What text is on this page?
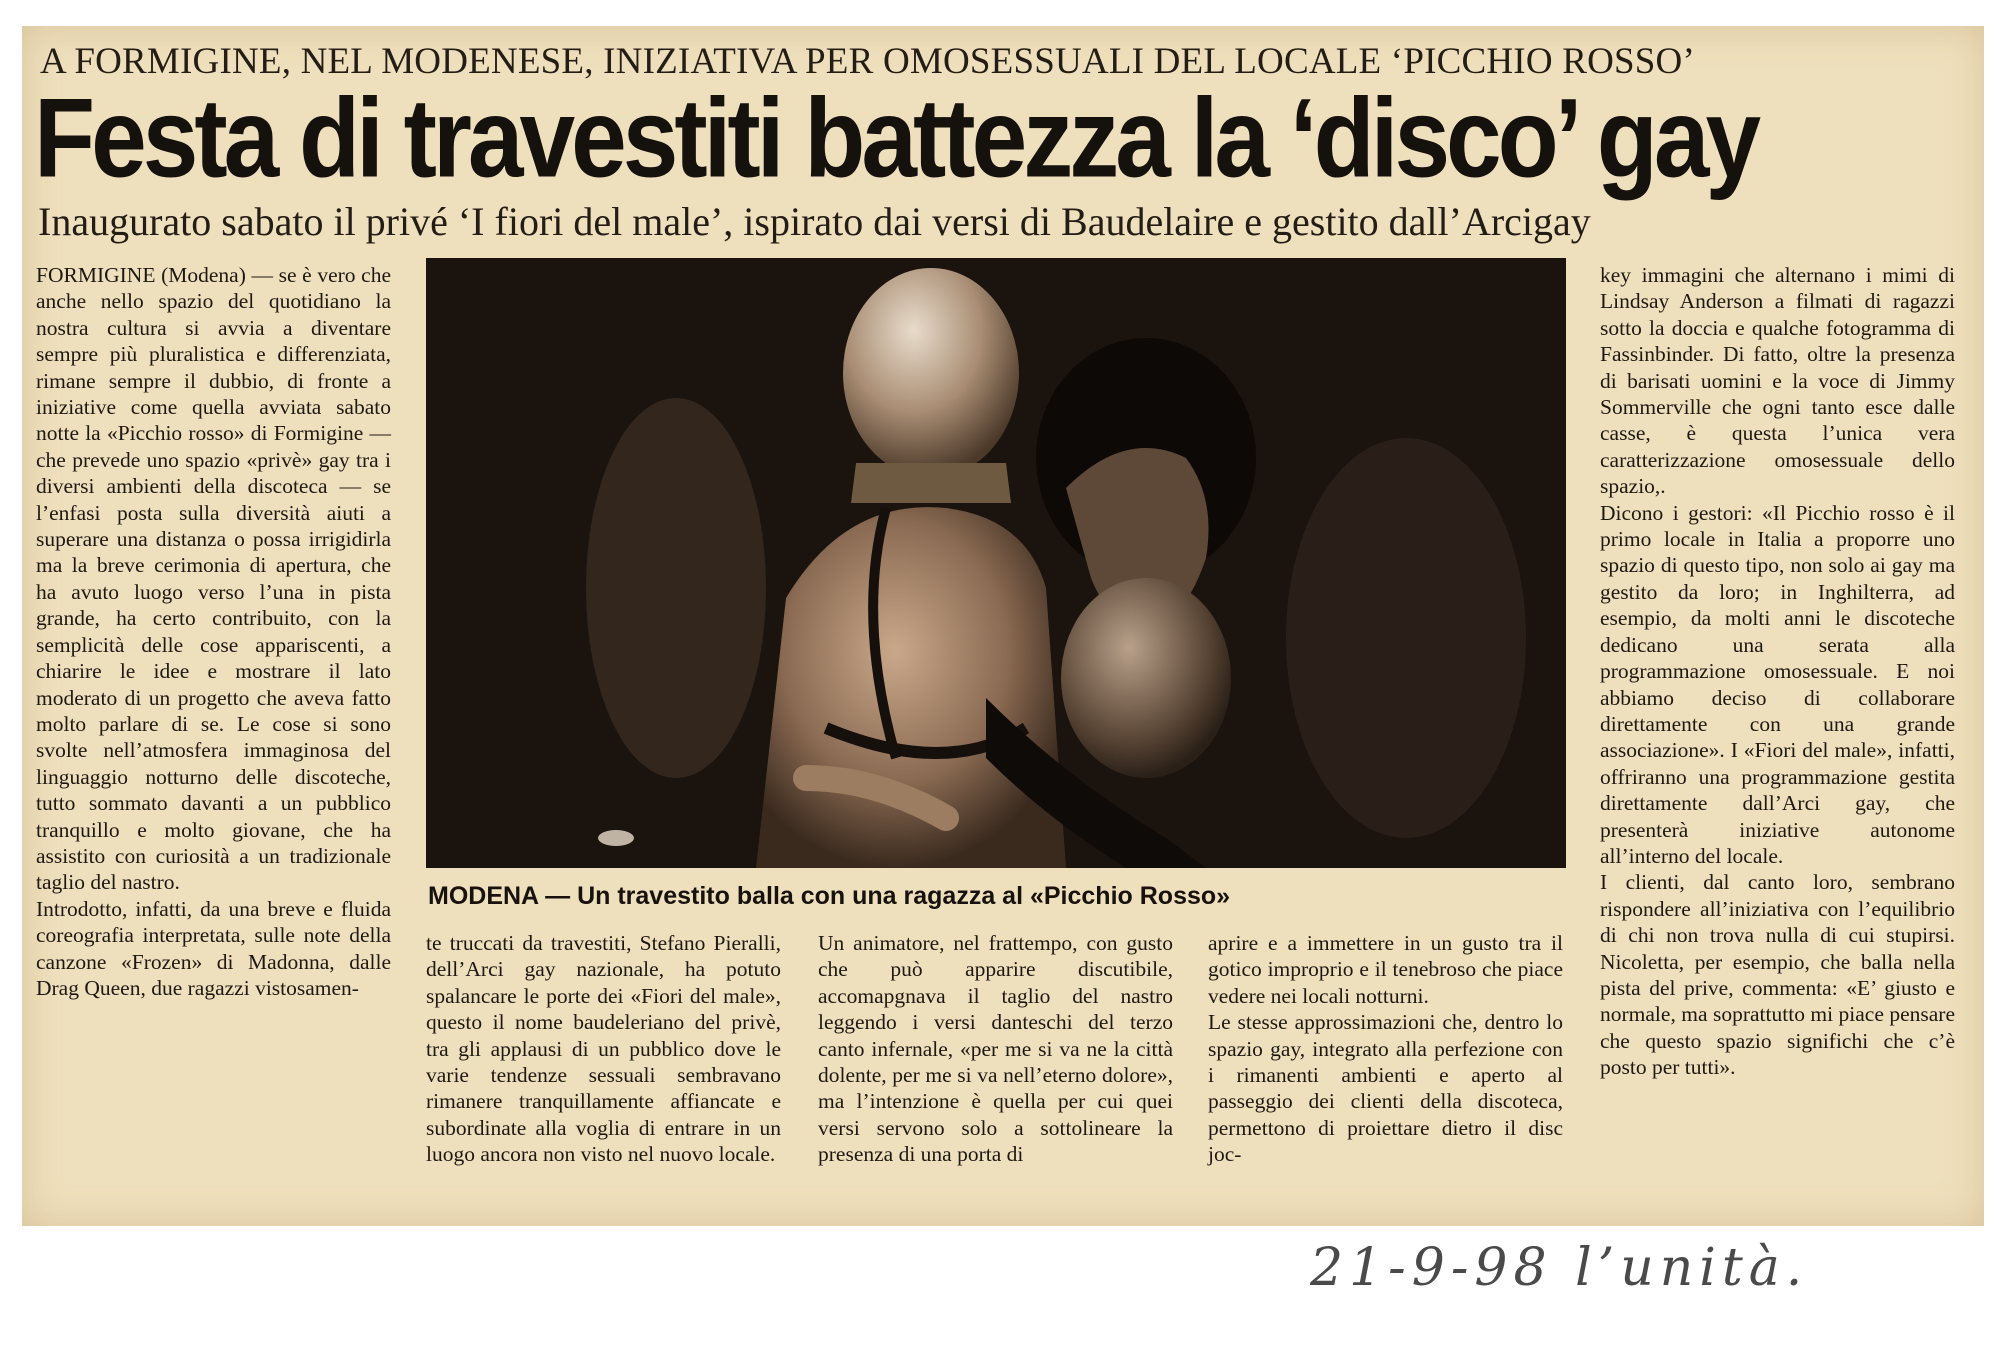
A FORMIGINE, NEL MODENESE, INIZIATIVA PER OMOSESSUALI DEL LOCALE ‘PICCHIO ROSSO’
Festa di travestiti battezza la ‘disco’ gay
Inaugurato sabato il privé ‘I fiori del male’, ispirato dai versi di Baudelaire e gestito dall’Arcigay

FORMIGINE (Modena) — se è vero che anche nello spazio del quotidiano la nostra cultura si avvia a diventare sempre più pluralistica e differenziata, rimane sempre il dubbio, di fronte a iniziative come quella avviata sabato notte la «Picchio rosso» di Formigine — che prevede uno spazio «privè» gay tra i diversi ambienti della discoteca — se l’enfasi posta sulla diversità aiuti a superare una distanza o possa irrigidirla ma la breve cerimonia di apertura, che ha avuto luogo verso l’una in pista grande, ha certo contribuito, con la semplicità delle cose appariscenti, a chiarire le idee e mostrare il lato moderato di un progetto che aveva fatto molto parlare di se. Le cose si sono svolte nell’atmosfera immaginosa del linguaggio notturno delle discoteche, tutto sommato davanti a un pubblico tranquillo e molto giovane, che ha assistito con curiosità a un tradizionale taglio del nastro.

Introdotto, infatti, da una breve e fluida coreografia interpretata, sulle note della canzone «Frozen» di Madonna, dalle Drag Queen, due ragazzi vistosamen-

MODENA — Un travestito balla con una ragazza al «Picchio Rosso»

te truccati da travestiti, Stefano Pieralli, dell’Arci gay nazionale, ha potuto spalancare le porte dei «Fiori del male», questo il nome baudeleriano del privè, tra gli applausi di un pubblico dove le varie tendenze sessuali sembravano rimanere tranquillamente affiancate e subordinate alla voglia di entrare in un luogo ancora non visto nel nuovo locale.

Un animatore, nel frattempo, con gusto che può apparire discutibile, accomapgnava il taglio del nastro leggendo i versi danteschi del terzo canto infernale, «per me si va ne la città dolente, per me si va nell’eterno dolore», ma l’intenzione è quella per cui quei versi servono solo a sottolineare la presenza di una porta di

aprire e a immettere in un gusto tra il gotico improprio e il tenebroso che piace vedere nei locali notturni.

Le stesse approssimazioni che, dentro lo spazio gay, integrato alla perfezione con i rimanenti ambienti e aperto al passeggio dei clienti della discoteca, permettono di proiettare dietro il disc joc-

key immagini che alternano i mimi di Lindsay Anderson a filmati di ragazzi sotto la doccia e qualche fotogramma di Fassinbinder. Di fatto, oltre la presenza di barisati uomini e la voce di Jimmy Sommerville che ogni tanto esce dalle casse, è questa l’unica vera caratterizzazione omosessuale dello spazio,.

Dicono i gestori: «Il Picchio rosso è il primo locale in Italia a proporre uno spazio di questo tipo, non solo ai gay ma gestito da loro; in Inghilterra, ad esempio, da molti anni le discoteche dedicano una serata alla programmazione omosessuale. E noi abbiamo deciso di collaborare direttamente con una grande associazione». I «Fiori del male», infatti, offriranno una programmazione gestita direttamente dall’Arci gay, che presenterà iniziative autonome all’interno del locale.

I clienti, dal canto loro, sembrano rispondere all’iniziativa con l’equilibrio di chi non trova nulla di cui stupirsi. Nicoletta, per esempio, che balla nella pista del prive, commenta: «E’ giusto e normale, ma soprattutto mi piace pensare che questo spazio significhi che c’è posto per tutti».

21-9-98 l’unità.
